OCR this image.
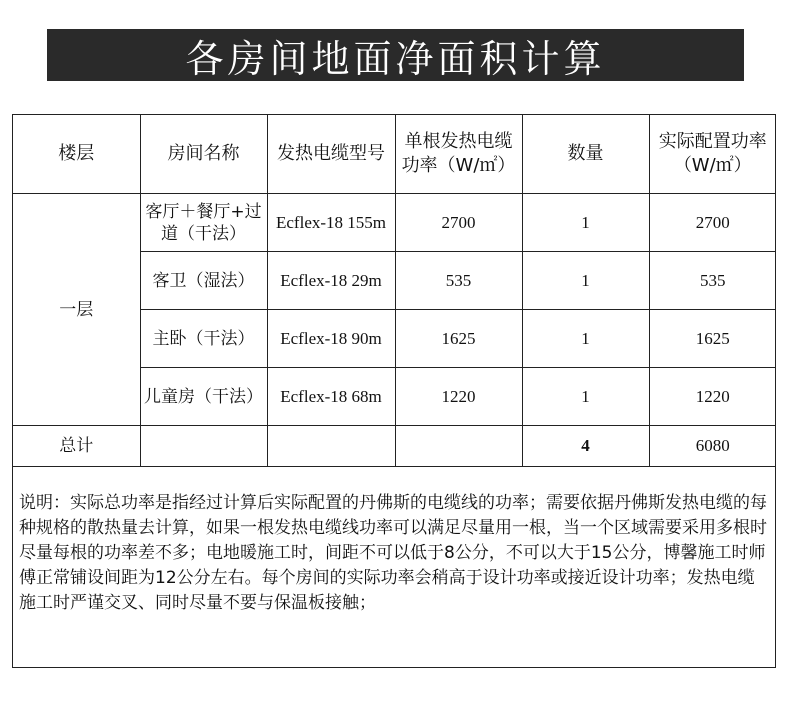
各房间地面净面积计算
楼层	房间名称	发热电缆型号	单根发热电缆功率（W/㎡）	数量	实际配置功率（W/㎡）
一层	客厅＋餐厅+过道（干法）	Ecflex-18 155m	2700	1	2700
	客卫（湿法）	Ecflex-18 29m	535	1	535
	主卧（干法）	Ecflex-18 90m	1625	1	1625
	儿童房（干法）	Ecflex-18 68m	1220	1	1220
总计				4	6080
说明：实际总功率是指经过计算后实际配置的丹佛斯的电缆线的功率；需要依据丹佛斯发热电缆的每种规格的散热量去计算，如果一根发热电缆线功率可以满足尽量用一根，当一个区域需要采用多根时尽量每根的功率差不多；电地暖施工时，间距不可以低于8公分，不可以大于15公分，博馨施工时师傅正常铺设间距为12公分左右。每个房间的实际功率会稍高于设计功率或接近设计功率；发热电缆施工时严谨交叉、同时尽量不要与保温板接触；
